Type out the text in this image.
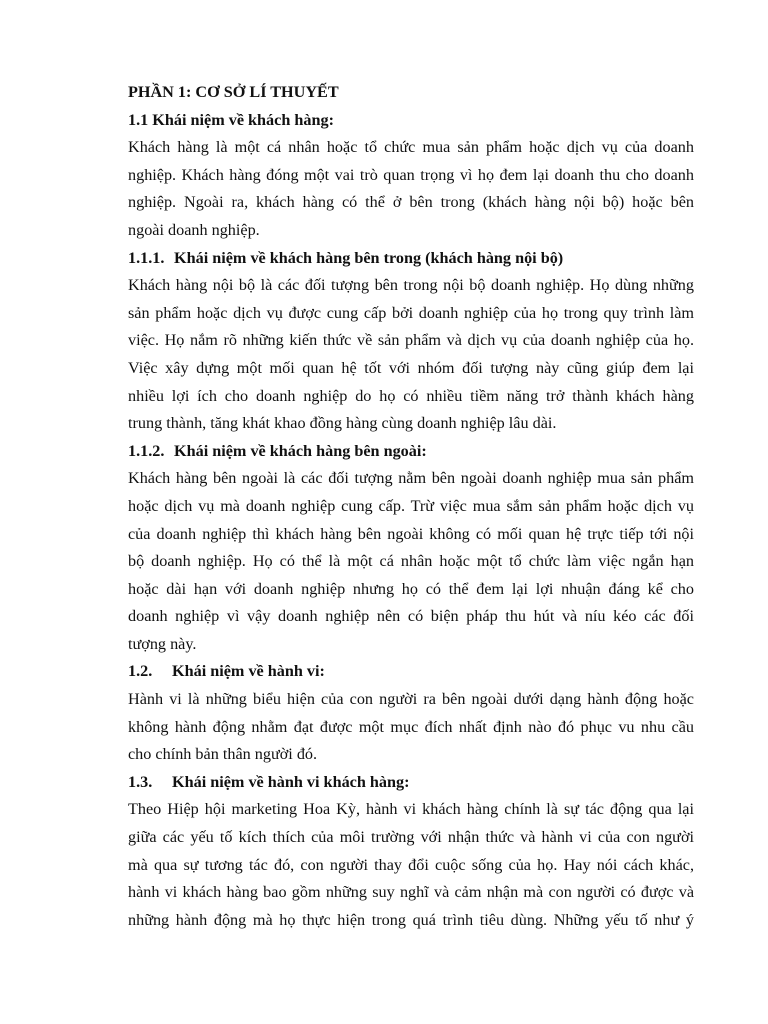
PHẦN 1: CƠ SỞ LÍ THUYẾT
1.1 Khái niệm về khách hàng:
Khách hàng là một cá nhân hoặc tổ chức mua sản phẩm hoặc dịch vụ của doanh
nghiệp. Khách hàng đóng một vai trò quan trọng vì họ đem lại doanh thu cho doanh
nghiệp. Ngoài ra, khách hàng có thể ở bên trong (khách hàng nội bộ) hoặc bên
ngoài doanh nghiệp.
1.1.1. Khái niệm về khách hàng bên trong (khách hàng nội bộ)
Khách hàng nội bộ là các đối tượng bên trong nội bộ doanh nghiệp. Họ dùng những
sản phẩm hoặc dịch vụ được cung cấp bởi doanh nghiệp của họ trong quy trình làm
việc. Họ nắm rõ những kiến thức về sản phẩm và dịch vụ của doanh nghiệp của họ.
Việc xây dựng một mối quan hệ tốt với nhóm đối tượng này cũng giúp đem lại
nhiều lợi ích cho doanh nghiệp do họ có nhiều tiềm năng trở thành khách hàng
trung thành, tăng khát khao đồng hàng cùng doanh nghiệp lâu dài.
1.1.2. Khái niệm về khách hàng bên ngoài:
Khách hàng bên ngoài là các đối tượng nằm bên ngoài doanh nghiệp mua sản phẩm
hoặc dịch vụ mà doanh nghiệp cung cấp. Trừ việc mua sắm sản phẩm hoặc dịch vụ
của doanh nghiệp thì khách hàng bên ngoài không có mối quan hệ trực tiếp tới nội
bộ doanh nghiệp. Họ có thể là một cá nhân hoặc một tổ chức làm việc ngắn hạn
hoặc dài hạn với doanh nghiệp nhưng họ có thể đem lại lợi nhuận đáng kể cho
doanh nghiệp vì vậy doanh nghiệp nên có biện pháp thu hút và níu kéo các đối
tượng này.
1.2. Khái niệm về hành vi:
Hành vi là những biểu hiện của con người ra bên ngoài dưới dạng hành động hoặc
không hành động nhằm đạt được một mục đích nhất định nào đó phục vu nhu cầu
cho chính bản thân người đó.
1.3. Khái niệm về hành vi khách hàng:
Theo Hiệp hội marketing Hoa Kỳ, hành vi khách hàng chính là sự tác động qua lại
giữa các yếu tố kích thích của môi trường với nhận thức và hành vi của con người
mà qua sự tương tác đó, con người thay đổi cuộc sống của họ. Hay nói cách khác,
hành vi khách hàng bao gồm những suy nghĩ và cảm nhận mà con người có được và
những hành động mà họ thực hiện trong quá trình tiêu dùng. Những yếu tố như ý
